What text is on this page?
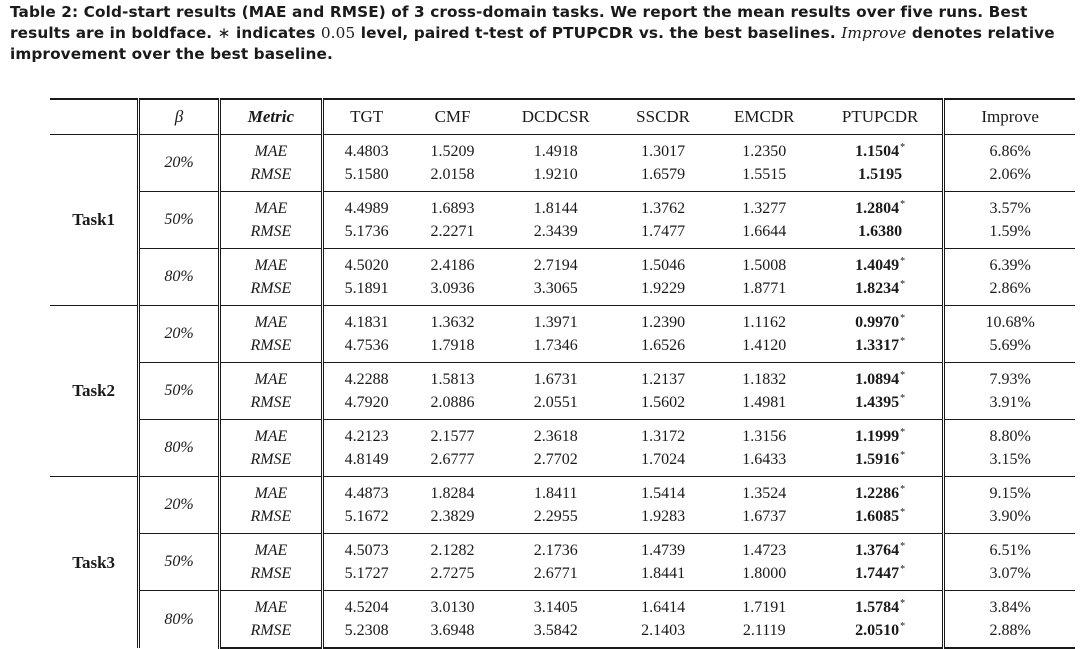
Table 2: Cold-start results (MAE and RMSE) of 3 cross-domain tasks. We report the mean results over five runs. Best results are in boldface. ∗ indicates 0.05 level, paired t-test of PTUPCDR vs. the best baselines. Improve denotes relative improvement over the best baseline.
	β	Metric	TGT	CMF	DCDCSR	SSCDR	EMCDR	PTUPCDR	Improve
Task1	20%	MAE	4.4803	1.5209	1.4918	1.3017	1.2350	1.1504*	6.86%
		RMSE	5.1580	2.0158	1.9210	1.6579	1.5515	1.5195	2.06%
	50%	MAE	4.4989	1.6893	1.8144	1.3762	1.3277	1.2804*	3.57%
		RMSE	5.1736	2.2271	2.3439	1.7477	1.6644	1.6380	1.59%
	80%	MAE	4.5020	2.4186	2.7194	1.5046	1.5008	1.4049*	6.39%
		RMSE	5.1891	3.0936	3.3065	1.9229	1.8771	1.8234*	2.86%
Task2	20%	MAE	4.1831	1.3632	1.3971	1.2390	1.1162	0.9970*	10.68%
		RMSE	4.7536	1.7918	1.7346	1.6526	1.4120	1.3317*	5.69%
	50%	MAE	4.2288	1.5813	1.6731	1.2137	1.1832	1.0894*	7.93%
		RMSE	4.7920	2.0886	2.0551	1.5602	1.4981	1.4395*	3.91%
	80%	MAE	4.2123	2.1577	2.3618	1.3172	1.3156	1.1999*	8.80%
		RMSE	4.8149	2.6777	2.7702	1.7024	1.6433	1.5916*	3.15%
Task3	20%	MAE	4.4873	1.8284	1.8411	1.5414	1.3524	1.2286*	9.15%
		RMSE	5.1672	2.3829	2.2955	1.9283	1.6737	1.6085*	3.90%
	50%	MAE	4.5073	2.1282	2.1736	1.4739	1.4723	1.3764*	6.51%
		RMSE	5.1727	2.7275	2.6771	1.8441	1.8000	1.7447*	3.07%
	80%	MAE	4.5204	3.0130	3.1405	1.6414	1.7191	1.5784*	3.84%
		RMSE	5.2308	3.6948	3.5842	2.1403	2.1119	2.0510*	2.88%
